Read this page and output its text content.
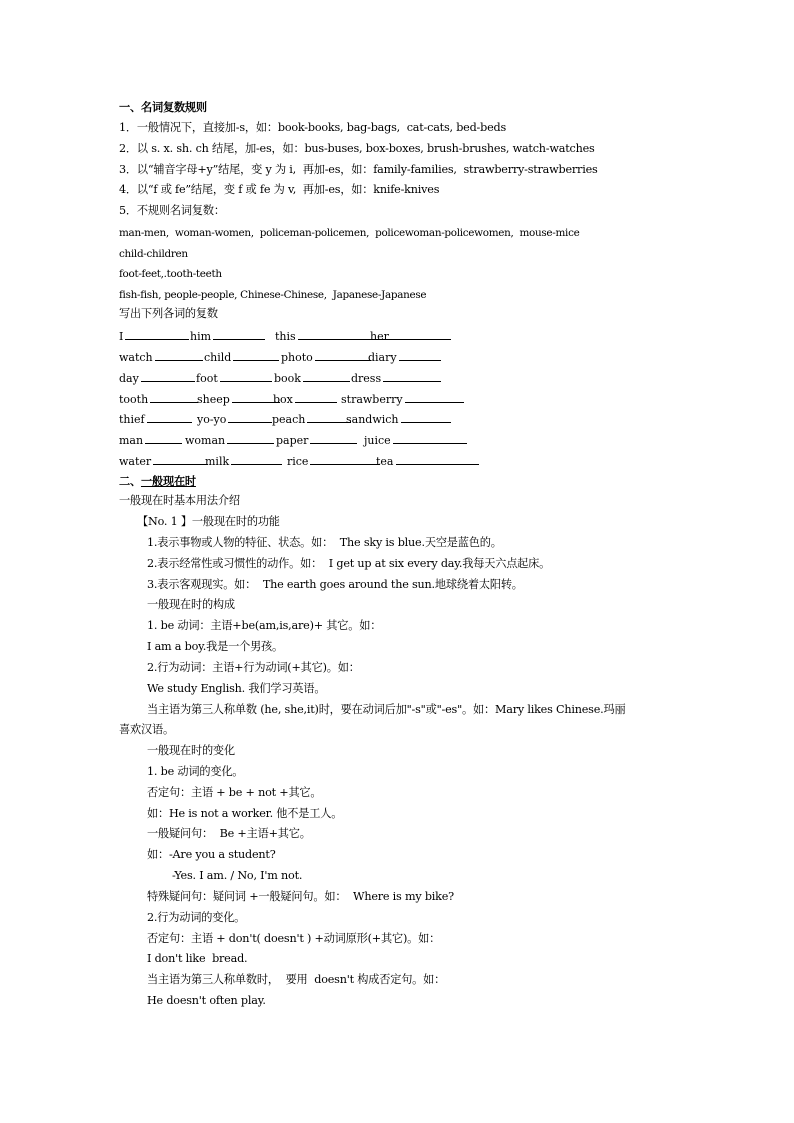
一、名词复数规则
1．一般情况下，直接加-s，如：book-books, bag-bags,  cat-cats, bed-beds
2．以 s. x. sh. ch 结尾，加-es，如：bus-buses, box-boxes, brush-brushes, watch-watches
3．以“辅音字母+y”结尾，变 y 为 i,  再加-es，如：family-families,  strawberry-strawberries
4．以“f 或 fe”结尾，变 f 或 fe 为 v,  再加-es，如：knife-knives
5．不规则名词复数：
man-men,  woman-women,  policeman-policemen,  policewoman-policewomen,  mouse-mice
child-children
foot-feet,.tooth-teeth
fish-fish, people-people, Chinese-Chinese,  Japanese-Japanese
写出下列各词的复数
I	him	this	her
watch	child	photo	diary
day	foot	book	dress
tooth	sheep	box	strawberry
thief	yo-yo	peach	sandwich
man	woman	paper	juice
water	milk	rice	tea
二、一般现在时
一般现在时基本用法介绍
【No. 1 】一般现在时的功能
1.表示事物或人物的特征、状态。如：  The sky is blue.天空是蓝色的。
2.表示经常性或习惯性的动作。如：  I get up at six every day.我每天六点起床。
3.表示客观现实。如：  The earth goes around the sun.地球绕着太阳转。
一般现在时的构成
1. be 动词：主语+be(am,is,are)+ 其它。如：
I am a boy.我是一个男孩。
2.行为动词：主语+行为动词(+其它)。如：
We study English. 我们学习英语。
当主语为第三人称单数 (he, she,it)时，要在动词后加"-s"或"-es"。如：Mary likes Chinese.玛丽
喜欢汉语。
一般现在时的变化
1. be 动词的变化。
否定句：主语 + be + not +其它。
如：He is not a worker. 他不是工人。
一般疑问句：  Be +主语+其它。
如：-Are you a student?
-Yes. I am. / No, I'm not.
特殊疑问句：疑问词 +一般疑问句。如：  Where is my bike?
2.行为动词的变化。
否定句：主语 + don't( doesn't ) +动词原形(+其它)。如：
I don't like  bread.
当主语为第三人称单数时，  要用  doesn't 构成否定句。如：
He doesn't often play.
